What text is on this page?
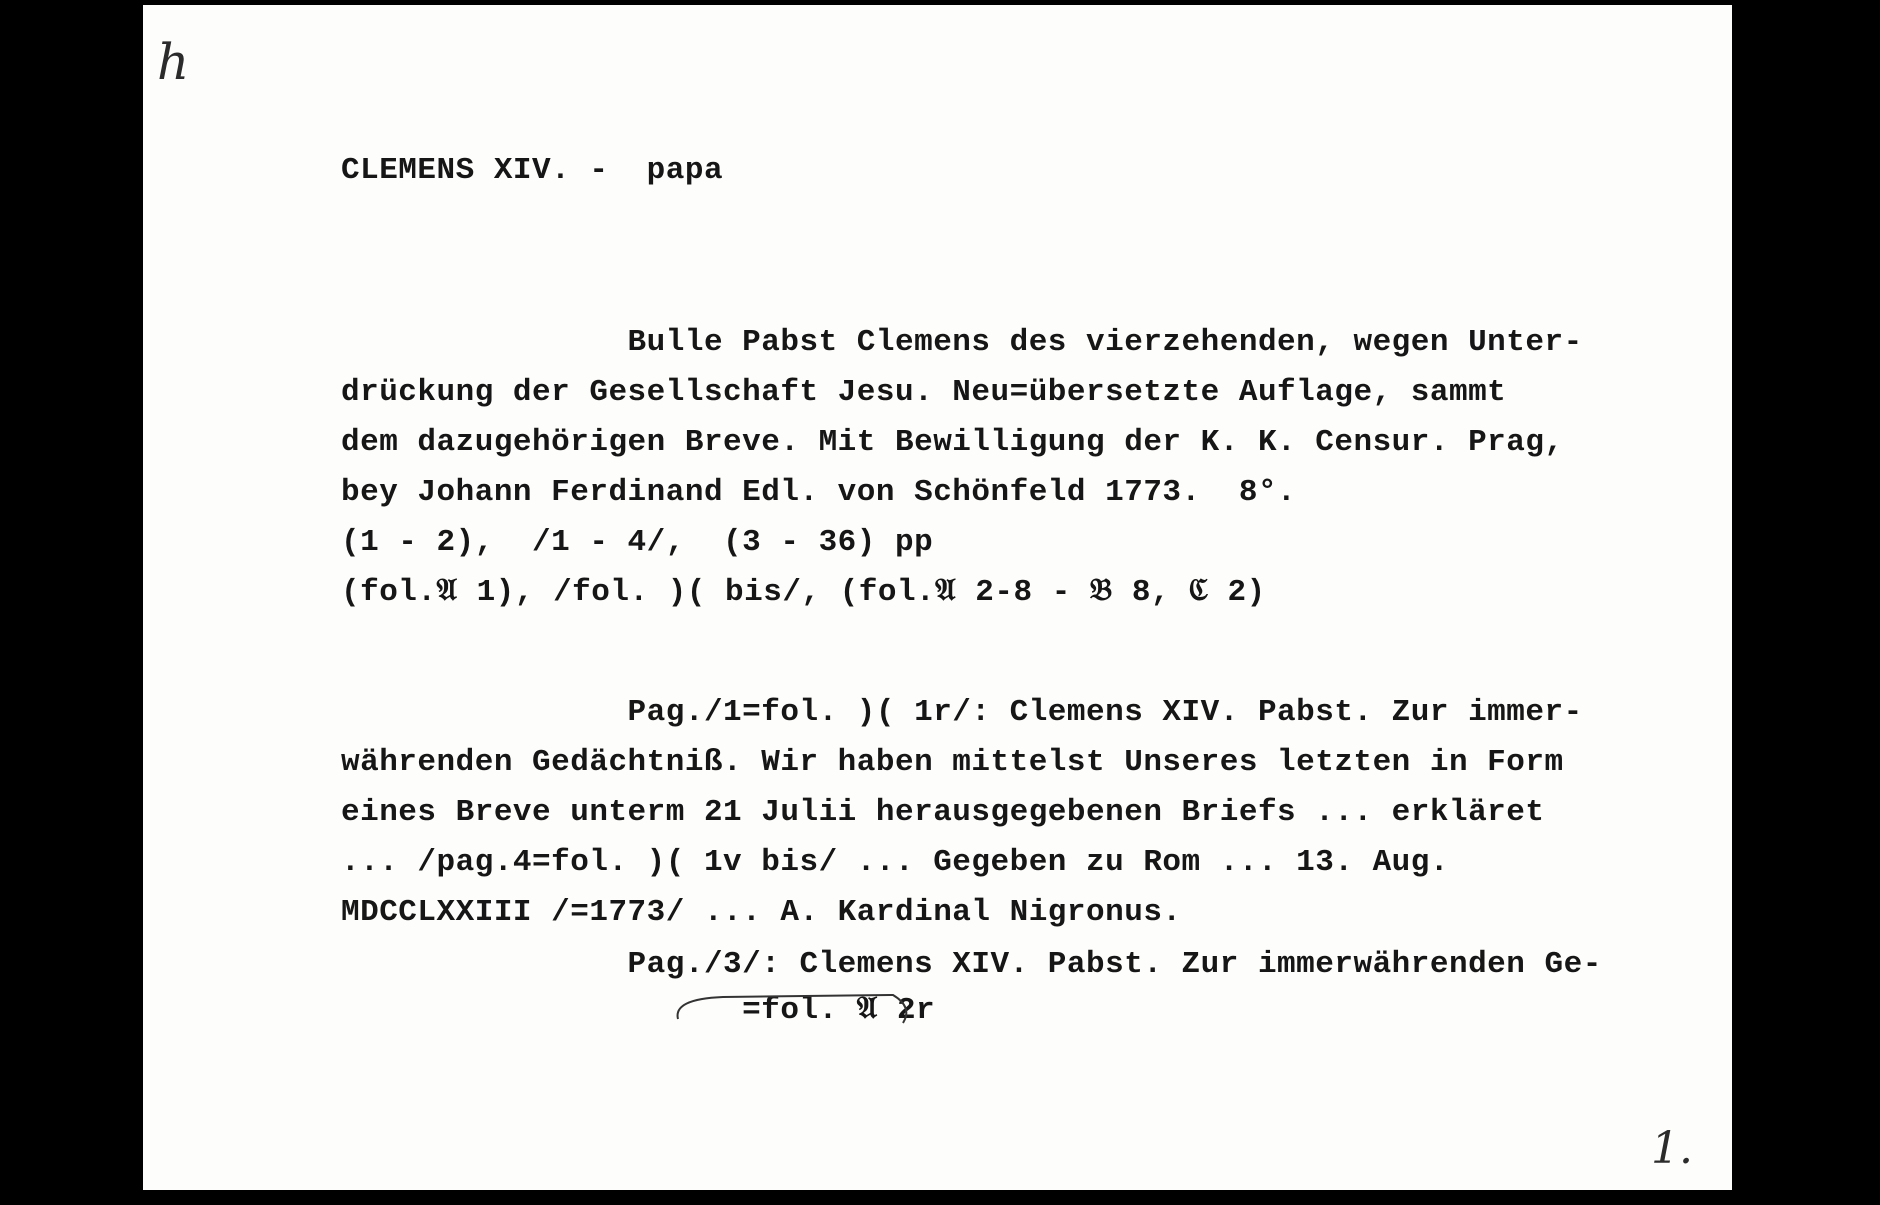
h
CLEMENS XIV. -  papa
Bulle Pabst Clemens des vierzehenden, wegen Unter-
drückung der Gesellschaft Jesu. Neu=übersetzte Auflage, sammt
dem dazugehörigen Breve. Mit Bewilligung der K. K. Censur. Prag,
bey Johann Ferdinand Edl. von Schönfeld 1773.  8°.
(1 - 2),  /1 - 4/,  (3 - 36) pp
(fol.𝔄 1), /fol. )( bis/, (fol.𝔄 2-8 - 𝔅 8, ℭ 2)
Pag./1=fol. )( 1r/: Clemens XIV. Pabst. Zur immer-
währenden Gedächtniß. Wir haben mittelst Unseres letzten in Form
eines Breve unterm 21 Julii herausgegebenen Briefs ... erkläret
... /pag.4=fol. )( 1v bis/ ... Gegeben zu Rom ... 13. Aug.
MDCCLXXIII /=1773/ ... A. Kardinal Nigronus.
Pag./3/: Clemens XIV. Pabst. Zur immerwährenden Ge-
=fol. 𝔄 2r
1.
